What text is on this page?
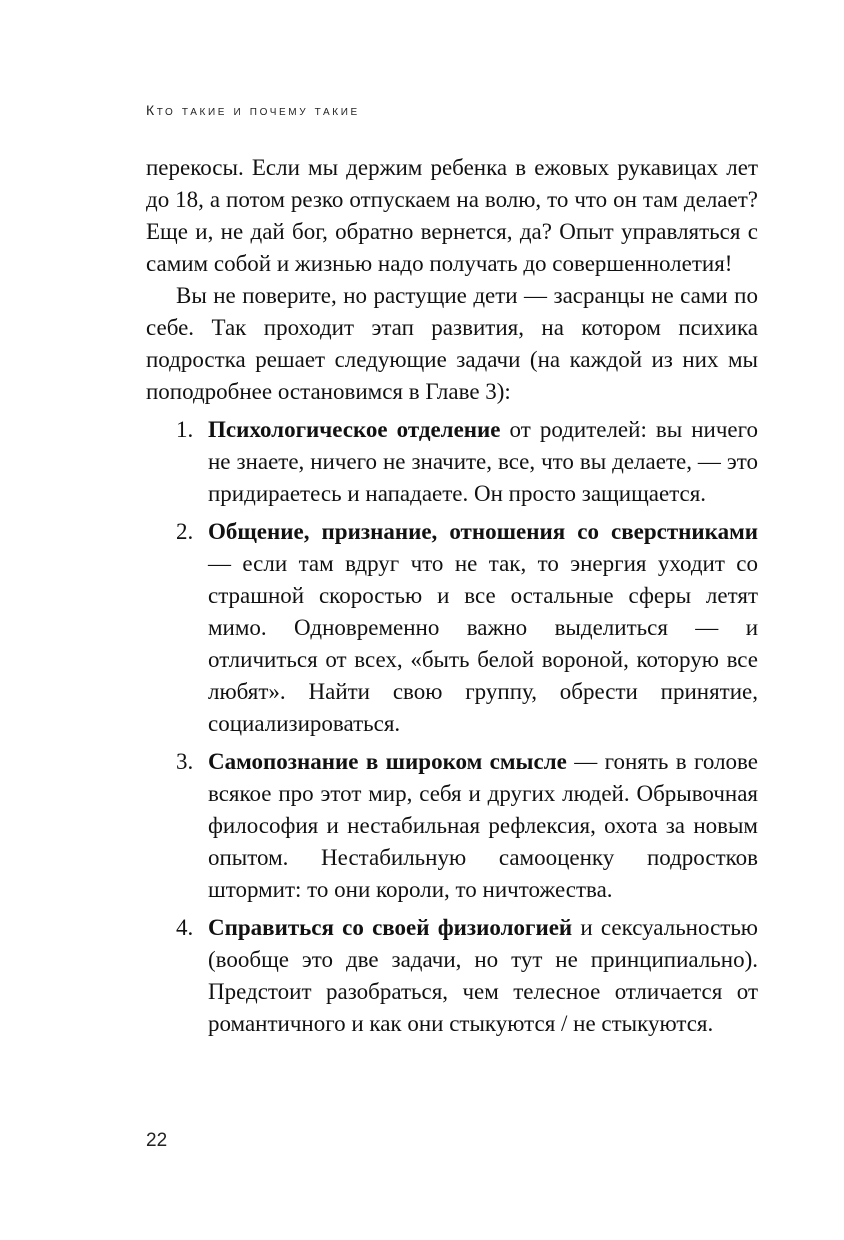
Кто такие и почему такие

перекосы. Если мы держим ребенка в ежовых рукавицах лет до 18, а потом резко отпускаем на волю, то что он там делает? Еще и, не дай бог, обратно вернется, да? Опыт управляться с самим собой и жизнью надо получать до совершеннолетия!

Вы не поверите, но растущие дети — засранцы не сами по себе. Так проходит этап развития, на котором психика подростка решает следующие задачи (на каждой из них мы поподробнее остановимся в Главе 3):

1. Психологическое отделение от родителей: вы ничего не знаете, ничего не значите, все, что вы делаете, — это придираетесь и нападаете. Он просто защищается.
2. Общение, признание, отношения со сверстниками — если там вдруг что не так, то энергия уходит со страшной скоростью и все остальные сферы летят мимо. Одновременно важно выделиться — и отличиться от всех, «быть белой вороной, которую все любят». Найти свою группу, обрести принятие, социализироваться.
3. Самопознание в широком смысле — гонять в голове всякое про этот мир, себя и других людей. Обрывочная философия и нестабильная рефлексия, охота за новым опытом. Нестабильную самооценку подростков штормит: то они короли, то ничтожества.
4. Справиться со своей физиологией и сексуальностью (вообще это две задачи, но тут не принципиально). Предстоит разобраться, чем телесное отличается от романтичного и как они стыкуются / не стыкуются.
22
